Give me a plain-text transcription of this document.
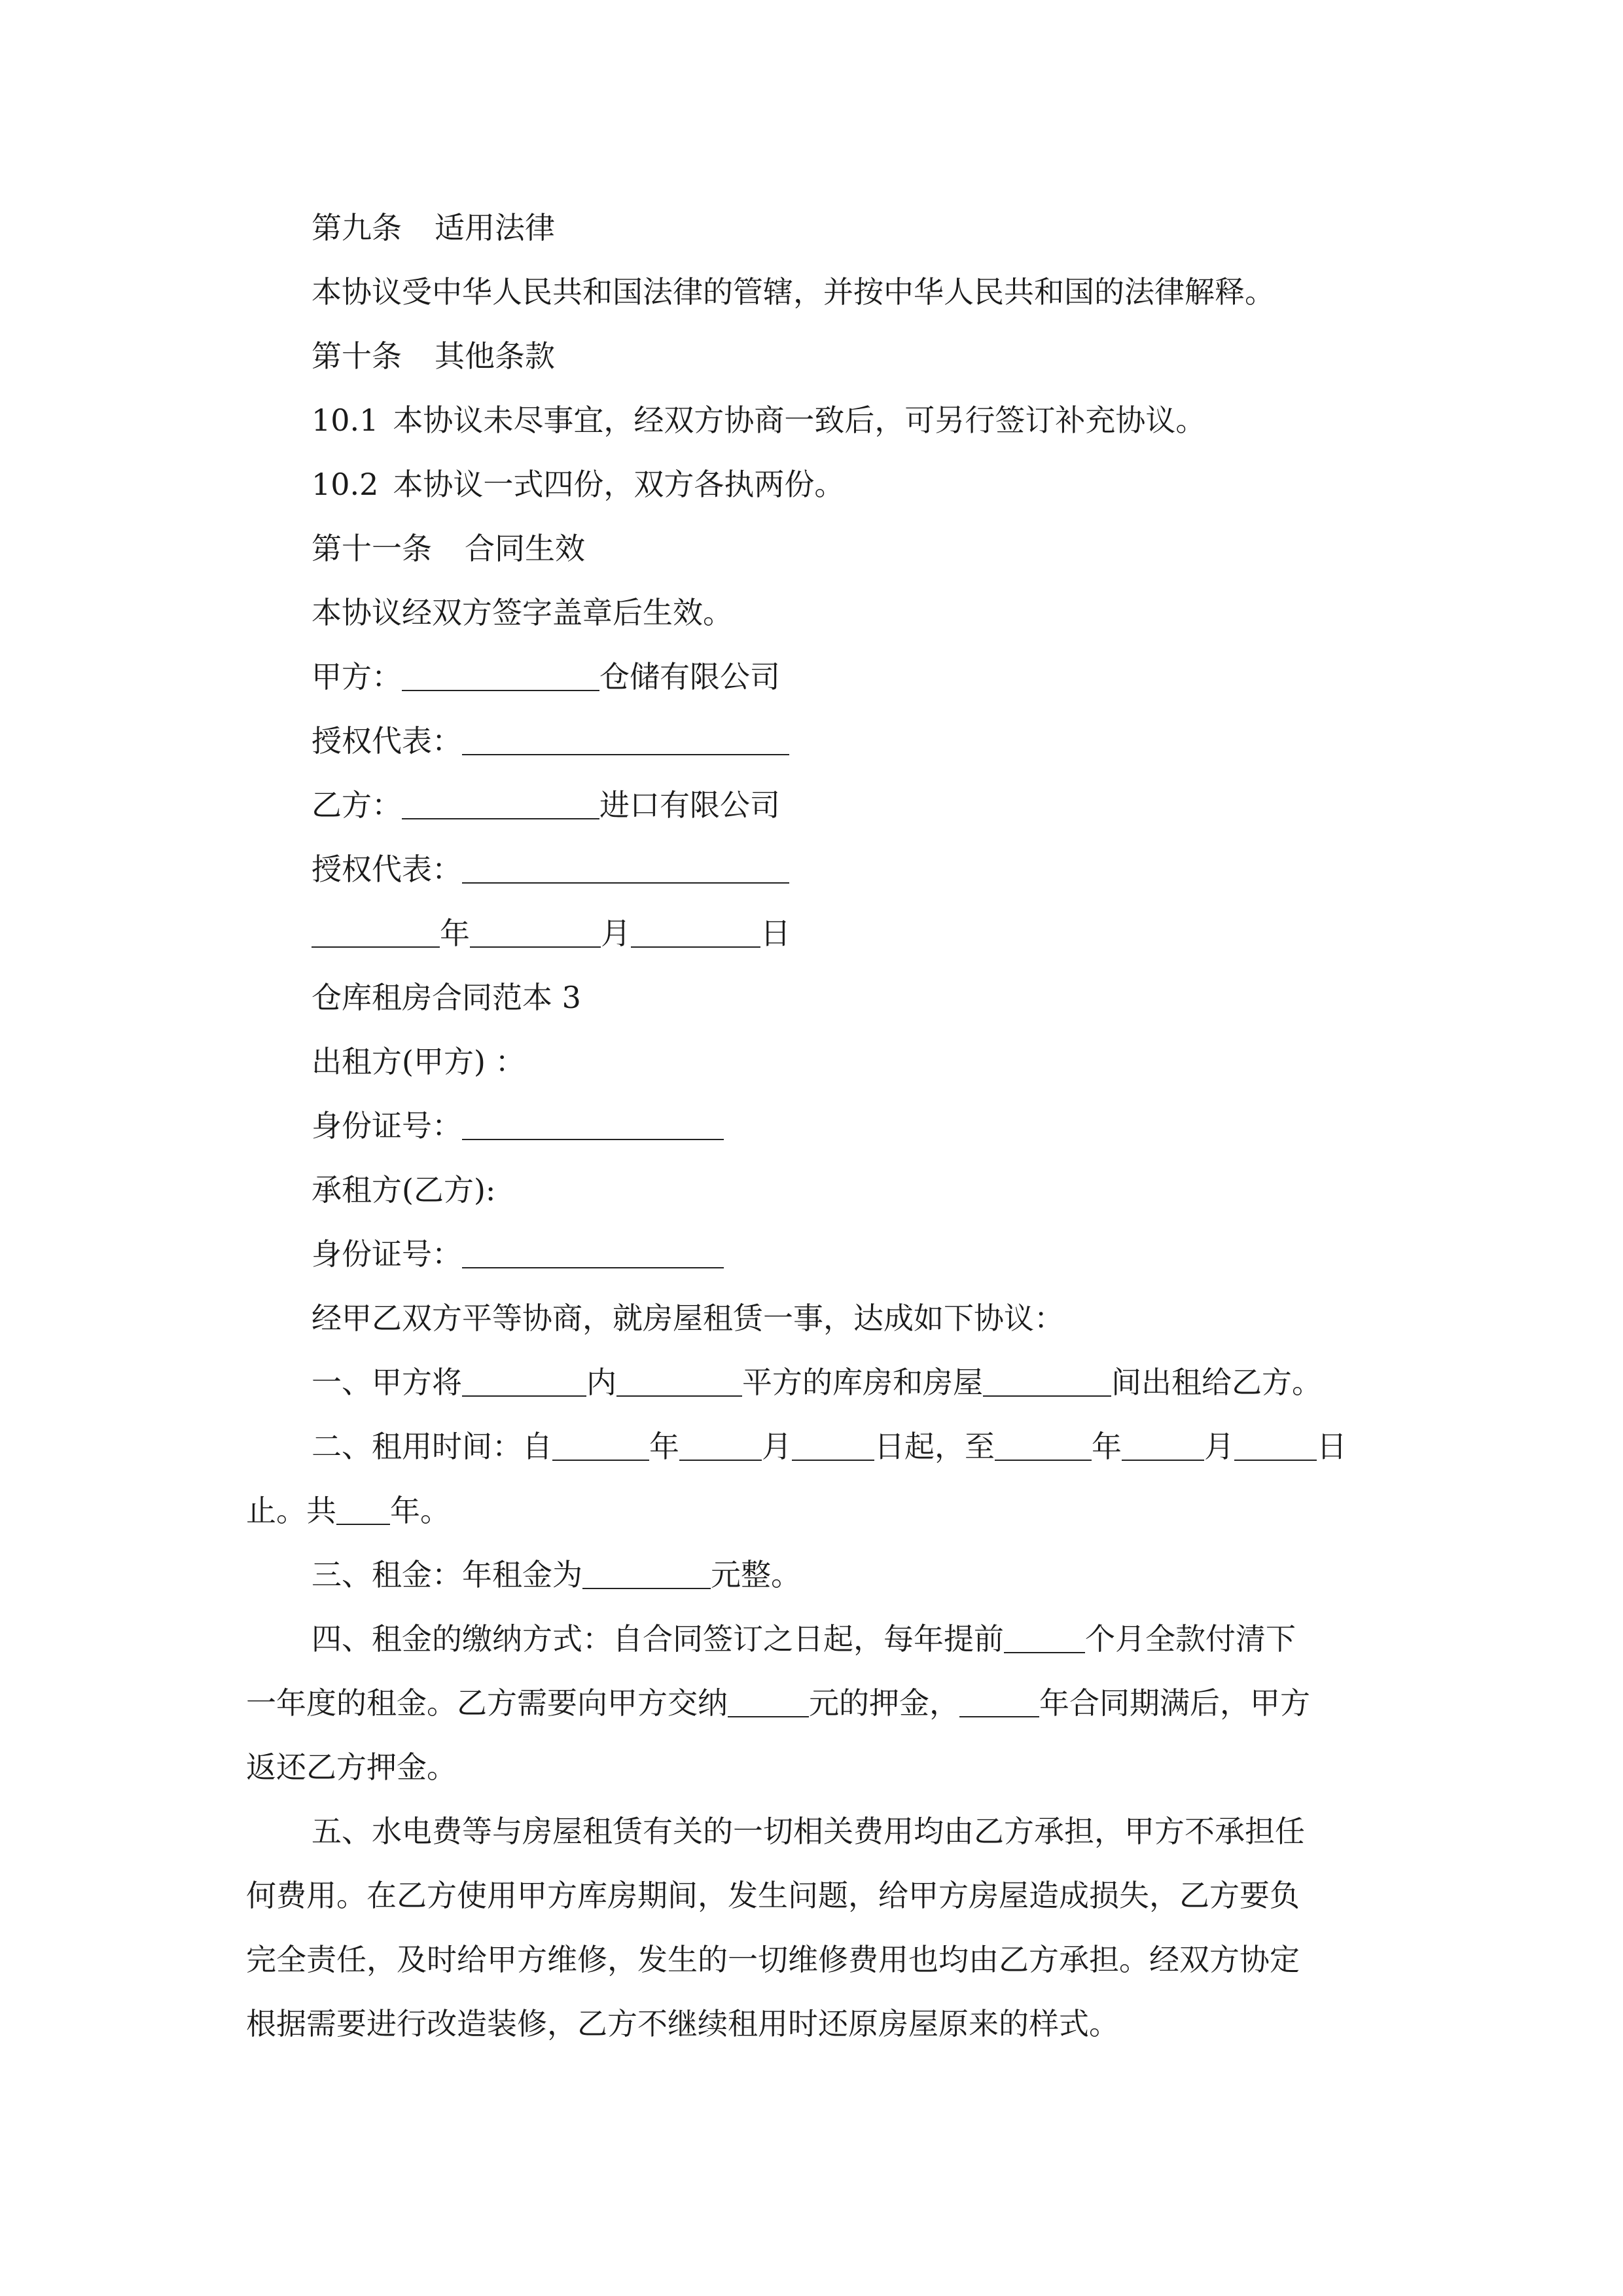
第九条 适用法律
本协议受中华人民共和国法律的管辖，并按中华人民共和国的法律解释。
第十条 其他条款
10.1 本协议未尽事宜，经双方协商一致后，可另行签订补充协议。
10.2 本协议一式四份，双方各执两份。
第十一条 合同生效
本协议经双方签字盖章后生效。
甲方：	仓储有限公司
授权代表：
乙方：	进口有限公司
授权代表：
年	月	日
仓库租房合同范本 3
出租方(甲方) ：
身份证号：
承租方(乙方):
身份证号：
经甲乙双方平等协商，就房屋租赁一事，达成如下协议：
一、甲方将	内	平方的库房和房屋	间出租给乙方。
二、租用时间：自	年	月	日起，至	年	月	日
止。共 年。
三、租金：年租金为	元整。
四、租金的缴纳方式：自合同签订之日起，每年提前	个月全款付清下
一年度的租金。乙方需要向甲方交纳	元的押金，	年合同期满后，甲方
返还乙方押金。
五、水电费等与房屋租赁有关的一切相关费用均由乙方承担，甲方不承担任
何费用。在乙方使用甲方库房期间，发生问题，给甲方房屋造成损失，乙方要负
完全责任，及时给甲方维修，发生的一切维修费用也均由乙方承担。经双方协定
根据需要进行改造装修，乙方不继续租用时还原房屋原来的样式。
